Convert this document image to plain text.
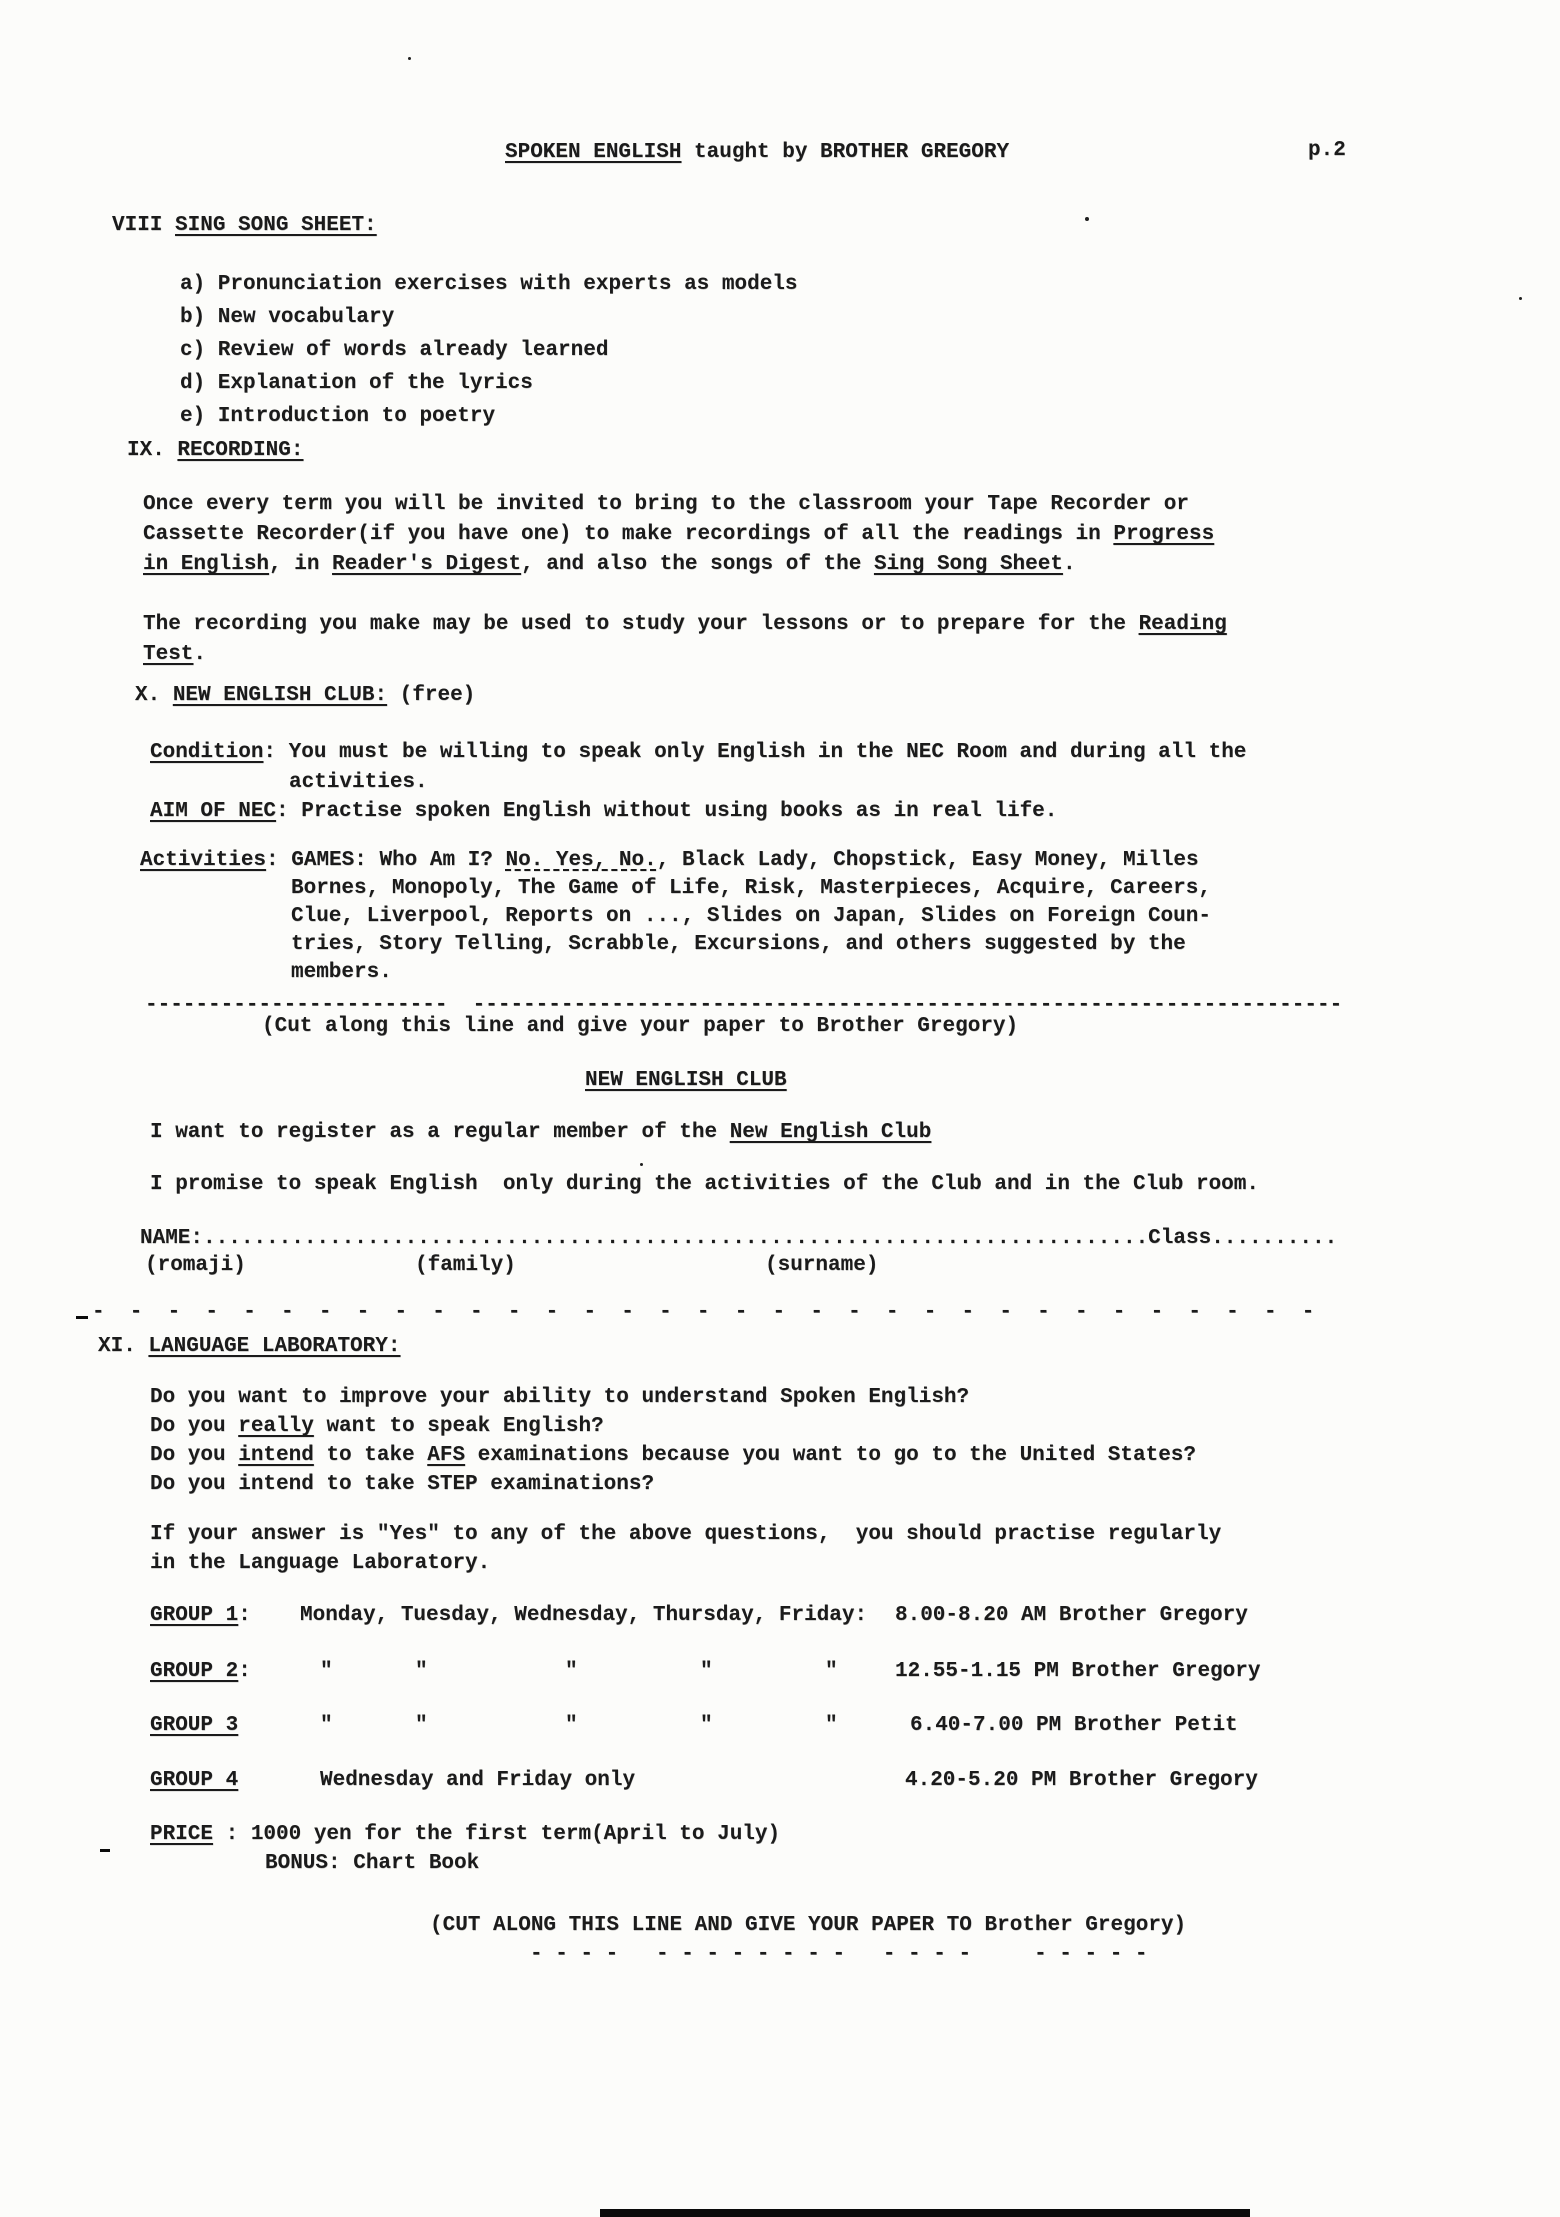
SPOKEN ENGLISH taught by BROTHER GREGORY	p.2
VIII SING SONG SHEET:
a) Pronunciation exercises with experts as models
b) New vocabulary
c) Review of words already learned
d) Explanation of the lyrics
e) Introduction to poetry
IX. RECORDING:
Once every term you will be invited to bring to the classroom your Tape Recorder or
Cassette Recorder(if you have one) to make recordings of all the readings in Progress
in English, in Reader's Digest, and also the songs of the Sing Song Sheet.
The recording you make may be used to study your lessons or to prepare for the Reading
Test.
X. NEW ENGLISH CLUB: (free)
Condition: You must be willing to speak only English in the NEC Room and during all the
activities.
AIM OF NEC: Practise spoken English without using books as in real life.
Activities: GAMES: Who Am I? No. Yes, No., Black Lady, Chopstick, Easy Money, Milles
Bornes, Monopoly, The Game of Life, Risk, Masterpieces, Acquire, Careers,
Clue, Liverpool, Reports on ..., Slides on Japan, Slides on Foreign Coun-
tries, Story Telling, Scrabble, Excursions, and others suggested by the
members.
------------------------  ---------------------------------------------------------------------
(Cut along this line and give your paper to Brother Gregory)
NEW ENGLISH CLUB
I want to register as a regular member of the New English Club
I promise to speak English  only during the activities of the Club and in the Club room.
NAME:...........................................................................Class..........
(romaji)	(family)	(surname)
-  -  -  -  -  -  -  -  -  -  -  -  -  -  -  -  -  -  -  -  -  -  -  -  -  -  -  -  -  -  -  -  -
XI. LANGUAGE LABORATORY:
Do you want to improve your ability to understand Spoken English?
Do you really want to speak English?
Do you intend to take AFS examinations because you want to go to the United States?
Do you intend to take STEP examinations?
If your answer is "Yes" to any of the above questions,  you should practise regularly
in the Language Laboratory.
GROUP 1: Monday, Tuesday, Wednesday, Thursday, Friday: 8.00-8.20 AM Brother Gregory
GROUP 2:	"	"	"	"	"	12.55-1.15 PM Brother Gregory
GROUP 3	"	"	"	"	"	6.40-7.00 PM Brother Petit
GROUP 4	Wednesday and Friday only	4.20-5.20 PM Brother Gregory
PRICE : 1000 yen for the first term(April to July)
BONUS: Chart Book
(CUT ALONG THIS LINE AND GIVE YOUR PAPER TO Brother Gregory)
- - - -   - - - - - - - -   - - - -     - - - - -
